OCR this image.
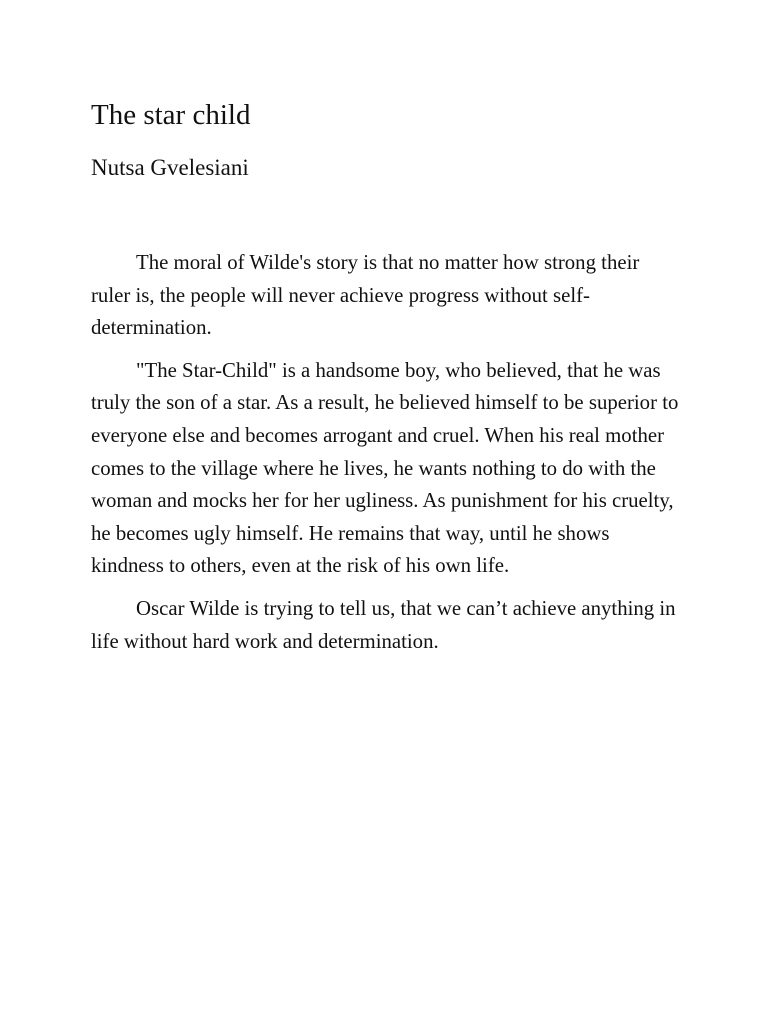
The star child
Nutsa Gvelesiani

The moral of Wilde's story is that no matter how strong their ruler is, the people will never achieve progress without self-determination.

"The Star-Child" is a handsome boy, who believed, that he was truly the son of a star. As a result, he believed himself to be superior to everyone else and becomes arrogant and cruel. When his real mother comes to the village where he lives, he wants nothing to do with the woman and mocks her for her ugliness. As punishment for his cruelty, he becomes ugly himself. He remains that way, until he shows kindness to others, even at the risk of his own life.

Oscar Wilde is trying to tell us, that we can’t achieve anything in life without hard work and determination.
